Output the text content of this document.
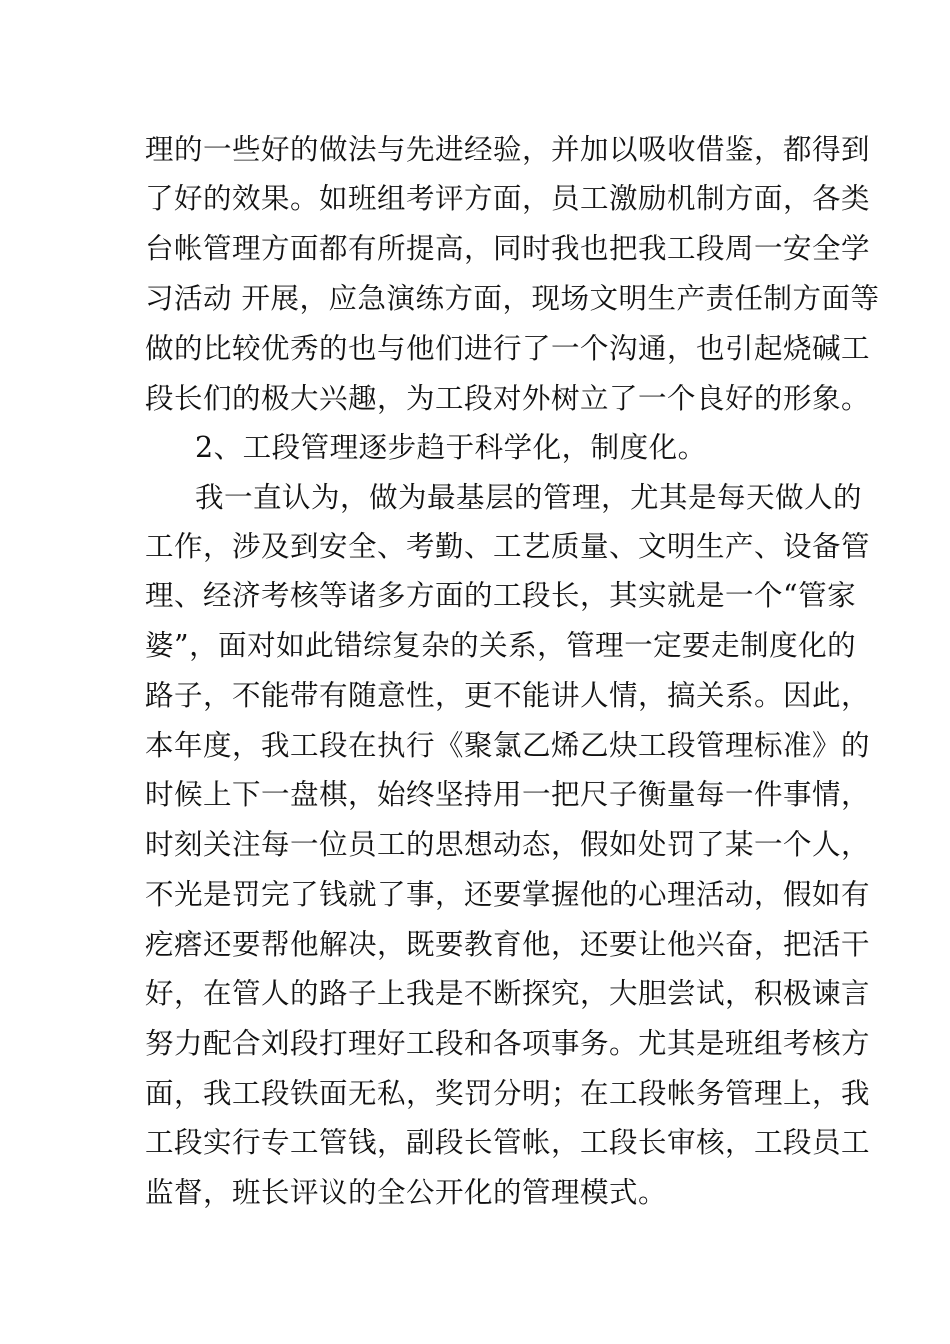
理的一些好的做法与先进经验，并加以吸收借鉴，都得到
了好的效果。如班组考评方面，员工激励机制方面，各类
台帐管理方面都有所提高，同时我也把我工段周一安全学
习活动 开展，应急演练方面，现场文明生产责任制方面等
做的比较优秀的也与他们进行了一个沟通，也引起烧碱工
段长们的极大兴趣，为工段对外树立了一个良好的形象。
2、工段管理逐步趋于科学化，制度化。
我一直认为，做为最基层的管理，尤其是每天做人的
工作，涉及到安全、考勤、工艺质量、文明生产、设备管
理、经济考核等诸多方面的工段长，其实就是一个“管家
婆”，面对如此错综复杂的关系，管理一定要走制度化的
路子，不能带有随意性，更不能讲人情，搞关系。因此，
本年度，我工段在执行《聚氯乙烯乙炔工段管理标准》的
时候上下一盘棋，始终坚持用一把尺子衡量每一件事情，
时刻关注每一位员工的思想动态，假如处罚了某一个人，
不光是罚完了钱就了事，还要掌握他的心理活动，假如有
疙瘩还要帮他解决，既要教育他，还要让他兴奋，把活干
好，在管人的路子上我是不断探究，大胆尝试，积极谏言
努力配合刘段打理好工段和各项事务。尤其是班组考核方
面，我工段铁面无私，奖罚分明；在工段帐务管理上，我
工段实行专工管钱，副段长管帐，工段长审核，工段员工
监督，班长评议的全公开化的管理模式。
